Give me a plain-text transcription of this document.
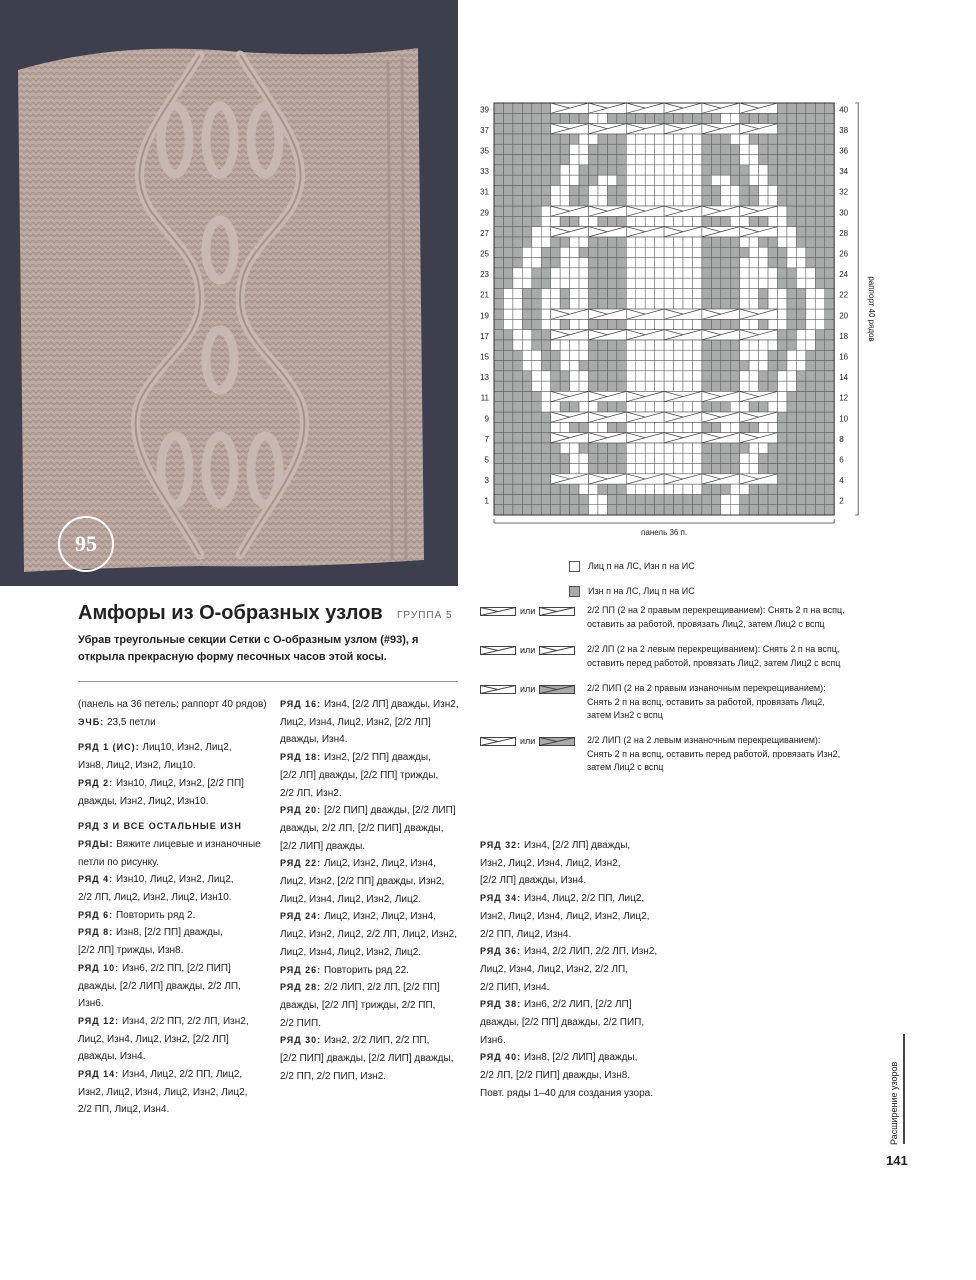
95
Амфоры из О-образных узлов ГРУППА 5
Убрав треугольные секции Сетки с О-образным узлом (#93), я открыла прекрасную форму песочных часов этой косы.

(панель на 36 петель; раппорт 40 рядов)

ЭЧБ: 23,5 петли

РЯД 1 (ИС): Лиц10, Изн2, Лиц2,

Изн8, Лиц2, Изн2, Лиц10.

РЯД 2: Изн10, Лиц2, Изн2, [2/2 ПП]

дважды, Изн2, Лиц2, Изн10.

РЯД 3 И ВСЕ ОСТАЛЬНЫЕ ИЗН

РЯДЫ: Вяжите лицевые и изнаночные

петли по рисунку.

РЯД 4: Изн10, Лиц2, Изн2, Лиц2,

2/2 ЛП, Лиц2, Изн2, Лиц2, Изн10.

РЯД 6: Повторить ряд 2.

РЯД 8: Изн8, [2/2 ПП] дважды,

[2/2 ЛП] трижды, Изн8.

РЯД 10: Изн6, 2/2 ПП, [2/2 ПИП]

дважды, [2/2 ЛИП] дважды, 2/2 ЛП,

Изн6.

РЯД 12: Изн4, 2/2 ПП, 2/2 ЛП, Изн2,

Лиц2, Изн4, Лиц2, Изн2, [2/2 ЛП]

дважды, Изн4.

РЯД 14: Изн4, Лиц2, 2/2 ПП, Лиц2,

Изн2, Лиц2, Изн4, Лиц2, Изн2, Лиц2,

2/2 ПП, Лиц2, Изн4.

РЯД 16: Изн4, [2/2 ЛП] дважды, Изн2,

Лиц2, Изн4, Лиц2, Изн2, [2/2 ЛП]

дважды, Изн4.

РЯД 18: Изн2, [2/2 ПП] дважды,

[2/2 ЛП] дважды, [2/2 ПП] трижды,

2/2 ЛП, Изн2.

РЯД 20: [2/2 ПИП] дважды, [2/2 ЛИП]

дважды, 2/2 ЛП, [2/2 ПИП] дважды,

[2/2 ЛИП] дважды.

РЯД 22: Лиц2, Изн2, Лиц2, Изн4,

Лиц2, Изн2, [2/2 ПП] дважды, Изн2,

Лиц2, Изн4, Лиц2, Изн2, Лиц2.

РЯД 24: Лиц2, Изн2, Лиц2, Изн4,

Лиц2, Изн2, Лиц2, 2/2 ЛП, Лиц2, Изн2,

Лиц2, Изн4, Лиц2, Изн2, Лиц2.

РЯД 26: Повторить ряд 22.

РЯД 28: 2/2 ЛИП, 2/2 ЛП, [2/2 ПП]

дважды, [2/2 ЛП] трижды, 2/2 ПП,

2/2 ПИП.

РЯД 30: Изн2, 2/2 ЛИП, 2/2 ПП,

[2/2 ПИП] дважды, [2/2 ЛИП] дважды,

2/2 ПП, 2/2 ПИП, Изн2.

РЯД 32: Изн4, [2/2 ЛП] дважды,

Изн2, Лиц2, Изн4, Лиц2, Изн2,

[2/2 ЛП] дважды, Изн4.

РЯД 34: Изн4, Лиц2, 2/2 ПП, Лиц2,

Изн2, Лиц2, Изн4, Лиц2, Изн2, Лиц2,

2/2 ПП, Лиц2, Изн4.

РЯД 36: Изн4, 2/2 ЛИП, 2/2 ЛП, Изн2,

Лиц2, Изн4, Лиц2, Изн2, 2/2 ЛП,

2/2 ПИП, Изн4.

РЯД 38: Изн6, 2/2 ЛИП, [2/2 ЛП]

дважды, [2/2 ПП] дважды, 2/2 ПИП,

Изн6.

РЯД 40: Изн8, [2/2 ЛИП] дважды,

2/2 ЛП, [2/2 ПИП] дважды, Изн8.

Повт. ряды 1–40 для создания узора.

39
37
35
33
31
29
27
25
23
21
19
17
15
13
11
9
7
5
3
1
40
38
36
34
32
30
28
26
24
22
20
18
16
14
12
10
8
6
4
2
панель 36 п.
раппорт 40 рядов
Лиц п на ЛС, Изн п на ИС
Изн п на ЛС, Лиц п на ИС
или	2/2 ПП (2 на 2 правым перекрещиванием): Снять 2 п на вспц,
оставить за работой, провязать Лиц2, затем Лиц2 с вспц
или	2/2 ЛП (2 на 2 левым перекрещиванием): Снять 2 п на вспц,
оставить перед работой, провязать Лиц2, затем Лиц2 с вспц
или	2/2 ПИП (2 на 2 правым изнаночным перекрещиванием):
Снять 2 п на вспц, оставить за работой, провязать Лиц2,
затем Изн2 с вспц
или	2/2 ЛИП (2 на 2 левым изнаночным перекрещиванием):
Снять 2 п на вспц, оставить перед работой, провязать Изн2,
затем Лиц2 с вспц
Расширение узоров
141
